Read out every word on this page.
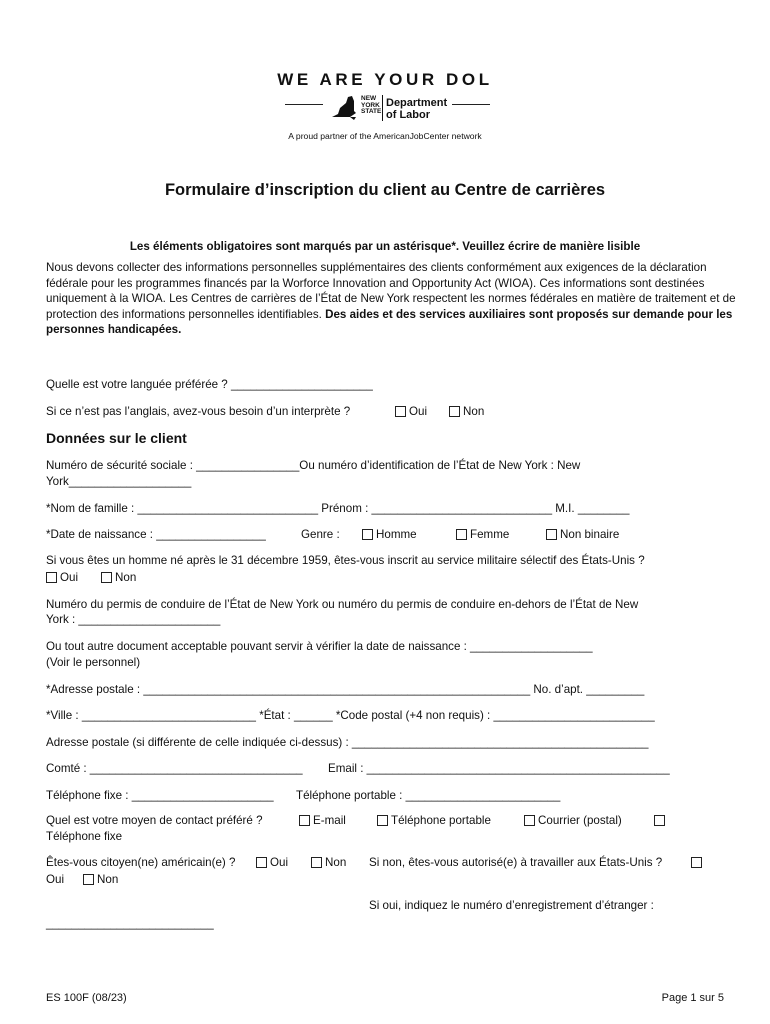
WE ARE YOUR DOL
NEW
YORK
STATE
Department
of Labor
A proud partner of the AmericanJobCenter network
Formulaire d’inscription du client au Centre de carrières
Les éléments obligatoires sont marqués par un astérisque*. Veuillez écrire de manière lisible
Nous devons collecter des informations personnelles supplémentaires des clients conformément aux exigences de la déclaration fédérale pour les programmes financés par la Worforce Innovation and Opportunity Act (WIOA). Ces informations sont destinées uniquement à la WIOA. Les Centres de carrières de l’État de New York respectent les normes fédérales en matière de traitement et de protection des informations personnelles identifiables. Des aides et des services auxiliaires sont proposés sur demande pour les personnes handicapées.
Quelle est votre languée préférée ? ______________________
Si ce n’est pas l’anglais, avez-vous besoin d’un interprète ?	Oui	Non
Données sur le client
Numéro de sécurité sociale : ________________Ou numéro d’identification de l’État de New York : New
York___________________
*Nom de famille : ____________________________ Prénom : ____________________________ M.I. ________
*Date de naissance : _________________	Genre :	Homme	Femme	Non binaire
Si vous êtes un homme né après le 31 décembre 1959, êtes-vous inscrit au service militaire sélectif des États-Unis ?
Oui	Non
Numéro du permis de conduire de l’État de New York ou numéro du permis de conduire en-dehors de l’État de New
York : ______________________
Ou tout autre document acceptable pouvant servir à vérifier la date de naissance : ___________________
(Voir le personnel)
*Adresse postale : ____________________________________________________________ No. d’apt. _________
*Ville : ___________________________ *État : ______ *Code postal (+4 non requis) : _________________________
Adresse postale (si différente de celle indiquée ci-dessus) : ______________________________________________
Comté : _________________________________ Email : _______________________________________________
Téléphone fixe : ______________________ Téléphone portable : ________________________
Quel est votre moyen de contact préféré ?	E-mail	Téléphone portable	Courrier (postal)
Téléphone fixe
Êtes-vous citoyen(ne) américain(e) ?	Oui	Non Si non, êtes-vous autorisé(e) à travailler aux États-Unis ?
Oui	Non
Si oui, indiquez le numéro d’enregistrement d’étranger :
__________________________
ES 100F (08/23)	Page 1 sur 5
